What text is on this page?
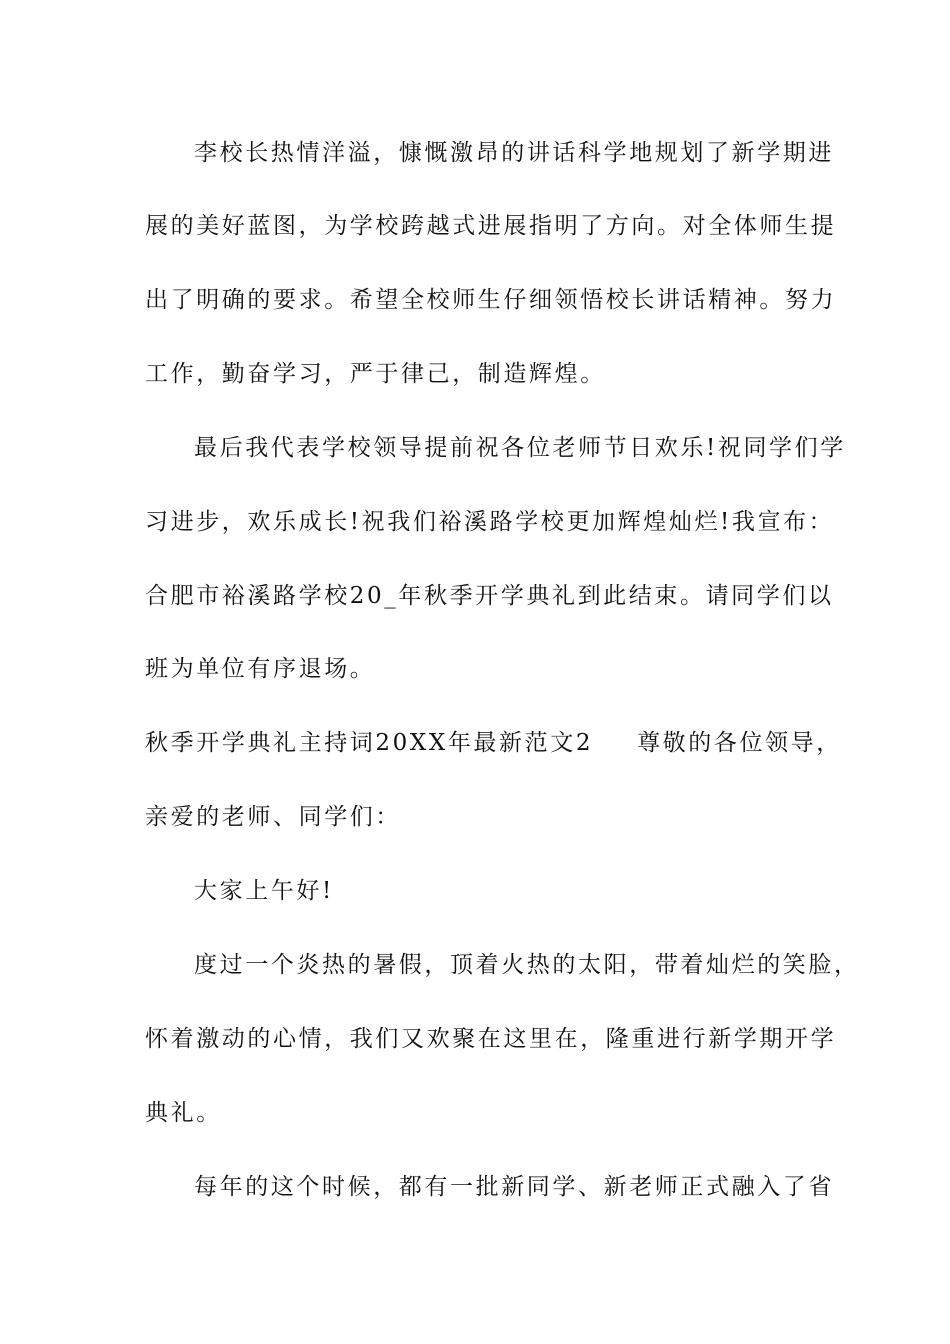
李校长热情洋溢，慷慨激昂的讲话科学地规划了新学期进
展的美好蓝图，为学校跨越式进展指明了方向。对全体师生提
出了明确的要求。希望全校师生仔细领悟校长讲话精神。努力
工作，勤奋学习，严于律己，制造辉煌。
最后我代表学校领导提前祝各位老师节日欢乐!祝同学们学
习进步，欢乐成长!祝我们裕溪路学校更加辉煌灿烂!我宣布：
合肥市裕溪路学校20_年秋季开学典礼到此结束。请同学们以
班为单位有序退场。
秋季开学典礼主持词20XX年最新范文2 尊敬的各位领导，
亲爱的老师、同学们：
大家上午好!
度过一个炎热的暑假，顶着火热的太阳，带着灿烂的笑脸，
怀着激动的心情，我们又欢聚在这里在，隆重进行新学期开学
典礼。
每年的这个时候，都有一批新同学、新老师正式融入了省
